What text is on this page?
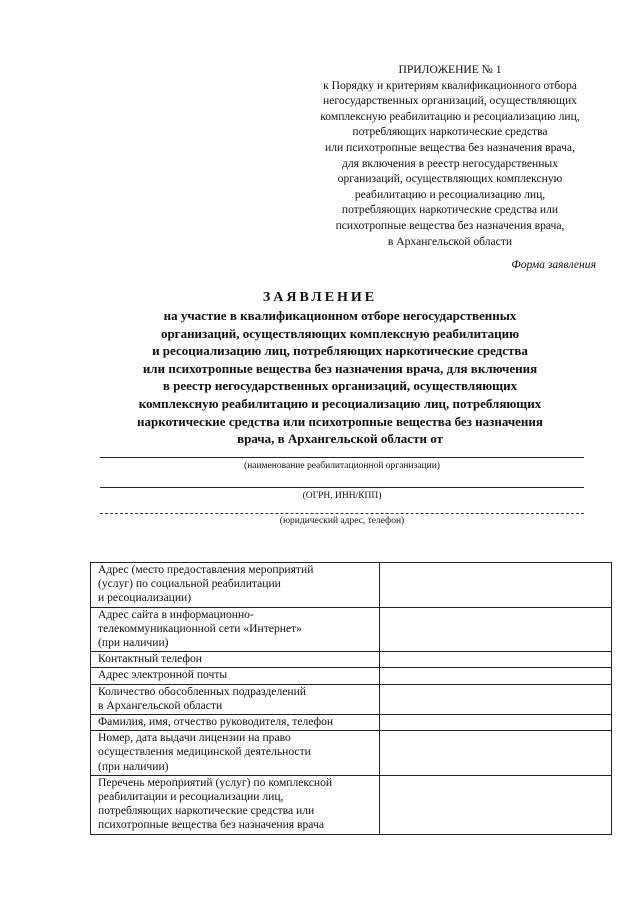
ПРИЛОЖЕНИЕ № 1
к Порядку и критериям квалификационного отбора
негосударственных организаций, осуществляющих
комплексную реабилитацию и ресоциализацию лиц,
потребляющих наркотические средства
или психотропные вещества без назначения врача,
для включения в реестр негосударственных
организаций, осуществляющих комплексную
реабилитацию и ресоциализацию лиц,
потребляющих наркотические средства или
психотропные вещества без назначения врача,
в Архангельской области
Форма заявления
ЗАЯВЛЕНИЕ
на участие в квалификационном отборе негосударственных
организаций, осуществляющих комплексную реабилитацию
и ресоциализацию лиц, потребляющих наркотические средства
или психотропные вещества без назначения врача, для включения
в реестр негосударственных организаций, осуществляющих
комплексную реабилитацию и ресоциализацию лиц, потребляющих
наркотические средства или психотропные вещества без назначения
врача, в Архангельской области от
(наименование реабилитационной организации)
(ОГРН, ИНН/КПП)
(юридический адрес, телефон)
Адрес (место предоставления мероприятий
(услуг) по социальной реабилитации
и ресоциализации)	

Адрес сайта в информационно-
телекоммуникационной сети «Интернет»
(при наличии)	

Контактный телефон	

Адрес электронной почты	

Количество обособленных подразделений
в Архангельской области	

Фамилия, имя, отчество руководителя, телефон	

Номер, дата выдачи лицензии на право
осуществления медицинской деятельности
(при наличии)	

Перечень мероприятий (услуг) по комплексной
реабилитации и ресоциализации лиц,
потребляющих наркотические средства или
психотропные вещества без назначения врача	
